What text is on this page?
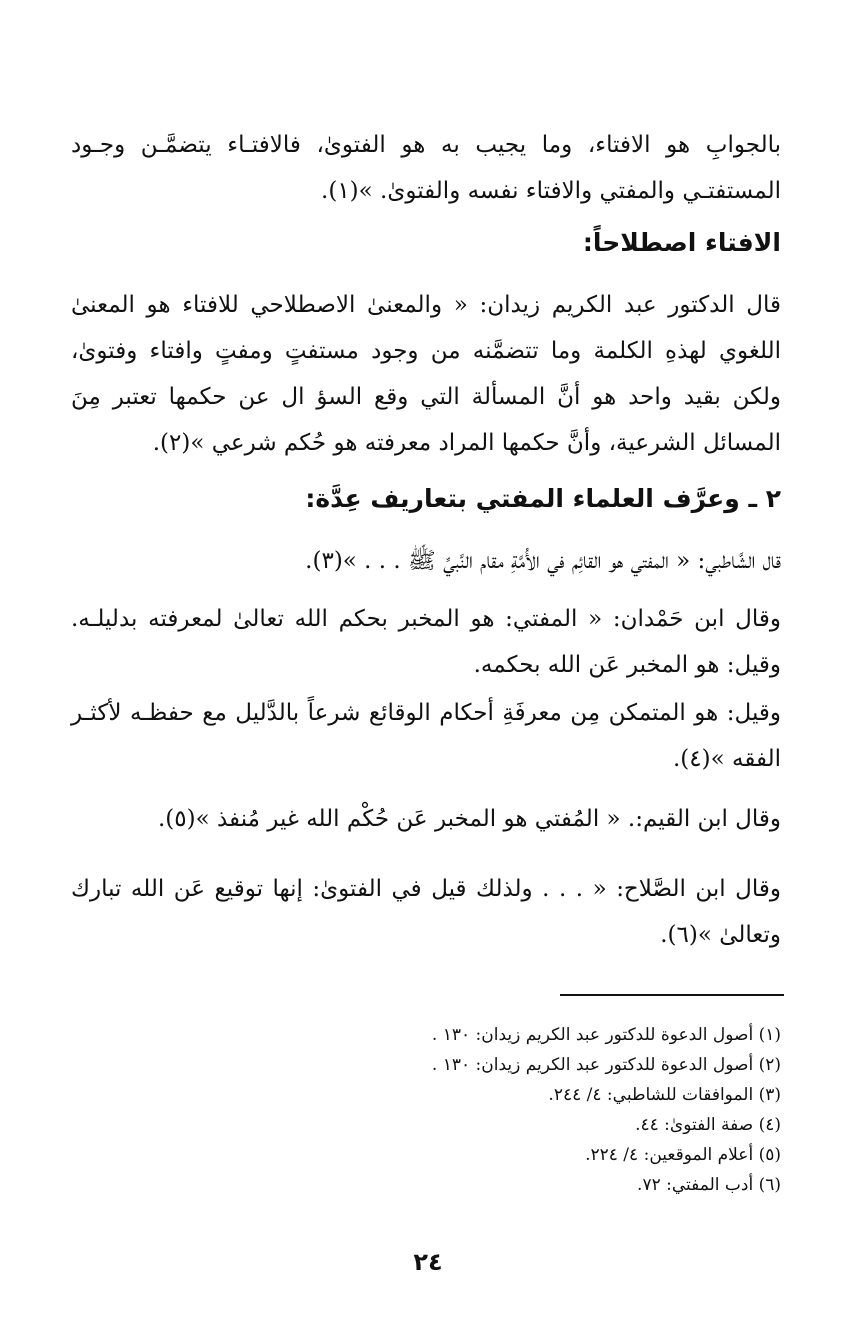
بالجوابِ هو الافتاء، وما يجيب به هو الفتوىٰ، فالافتـاء يتضمَّـن وجـود المستفتـي والمفتي والافتاء نفسه والفتوىٰ. »(١).
الافتاء اصطلاحاً:
قال الدكتور عبد الكريم زيدان: « والمعنىٰ الاصطلاحي للافتاء هو المعنىٰ اللغوي لهذهِ الكلمة وما تتضمَّنه من وجود مستفتٍ ومفتٍ وافتاء وفتوىٰ، ولكن بقيد واحد هو أنَّ المسألة التي وقع السؤ ال عن حكمها تعتبر مِنَ المسائل الشرعية، وأنَّ حكمها المراد معرفته هو حُكم شرعي »(٢).
٢ ـ وعرَّف العلماء المفتي بتعاريف عِدَّة:
قال الشَّاطبي: « المفتي هو القائِم في الأُمَّةِ مقام النَّبيِّ ﷺ . . . »(٣).
وقال ابن حَمْدان: « المفتي: هو المخبر بحكم الله تعالىٰ لمعرفته بدليلـه. وقيل: هو المخبر عَن الله بحكمه.
وقيل: هو المتمكن مِن معرفَةِ أحكام الوقائع شرعاً بالدَّليل مع حفظـه لأكثـر الفقه »(٤).
وقال ابن القيم:. « المُفتي هو المخبر عَن حُكْم الله غير مُنفذ »(٥).
وقال ابن الصَّلاح: « . . . ولذلك قيل في الفتوىٰ: إنها توقيع عَن الله تبارك وتعالىٰ »(٦).
(١) أصول الدعوة للدكتور عبد الكريم زيدان: ١٣٠ .
(٢) أصول الدعوة للدكتور عبد الكريم زيدان: ١٣٠ .
(٣) الموافقات للشاطبي: ٤/ ٢٤٤.
(٤) صفة الفتوىٰ: ٤٤.
(٥) أعلام الموقعين: ٤/ ٢٢٤.
(٦) أدب المفتي: ٧٢.
٢٤
